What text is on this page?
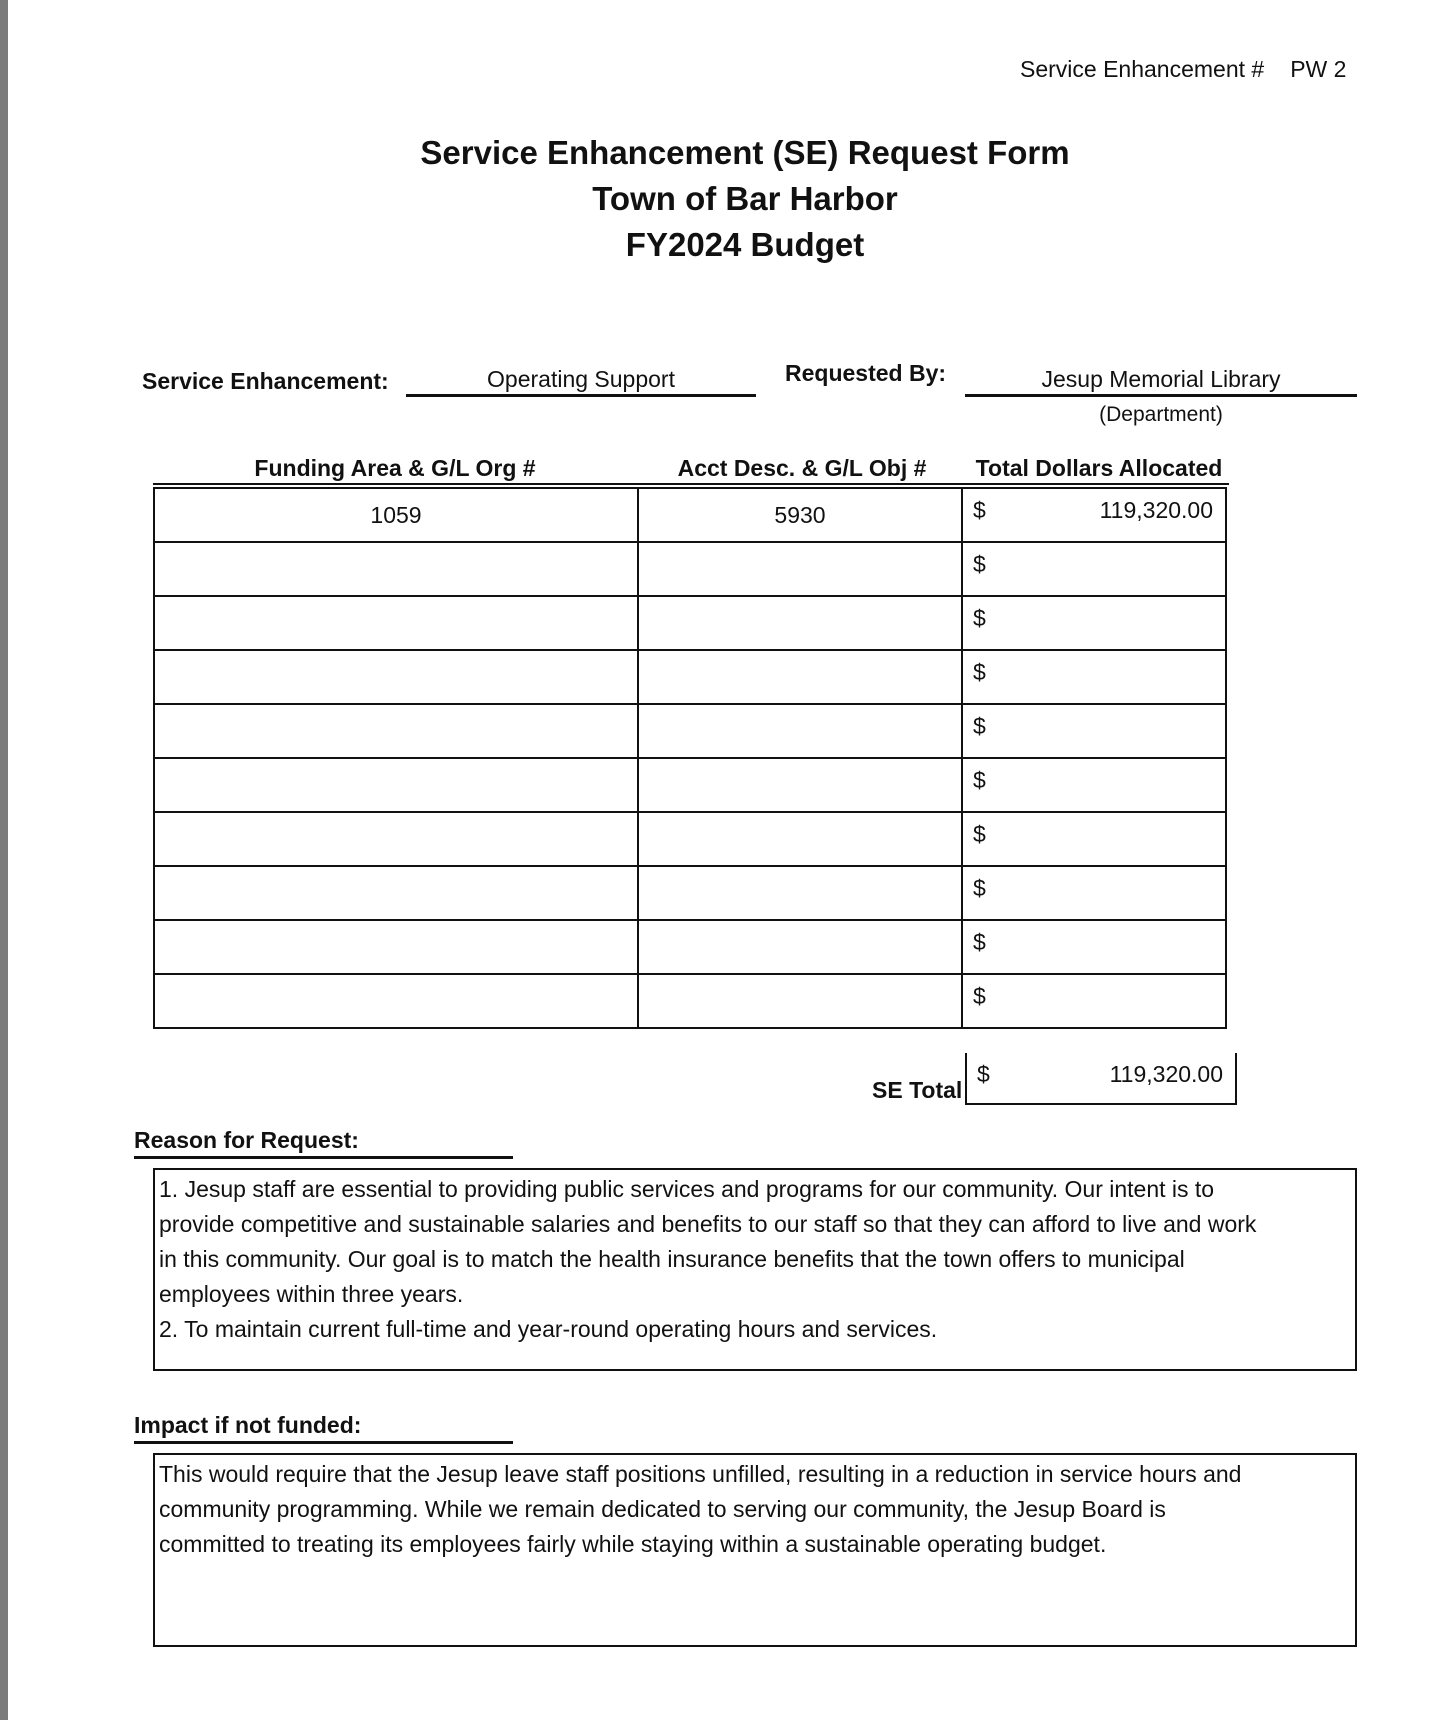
Service Enhancement # PW 2
Service Enhancement (SE) Request Form
Town of Bar Harbor
FY2024 Budget
Service Enhancement:	Operating Support	Requested By:	Jesup Memorial Library
(Department)
Funding Area & G/L Org #	Acct Desc. & G/L Obj #	Total Dollars Allocated
1059	5930	$ 119,320.00

		$

		$

		$

		$

		$

		$

		$

		$

		$
SE Total
$	119,320.00
Reason for Request:

1. Jesup staff are essential to providing public services and programs for our community. Our intent is to

provide competitive and sustainable salaries and benefits to our staff so that they can afford to live and work

in this community. Our goal is to match the health insurance benefits that the town offers to municipal

employees within three years.

2. To maintain current full-time and year-round operating hours and services.

Impact if not funded:

This would require that the Jesup leave staff positions unfilled, resulting in a reduction in service hours and

community programming. While we remain dedicated to serving our community, the Jesup Board is

committed to treating its employees fairly while staying within a sustainable operating budget.
